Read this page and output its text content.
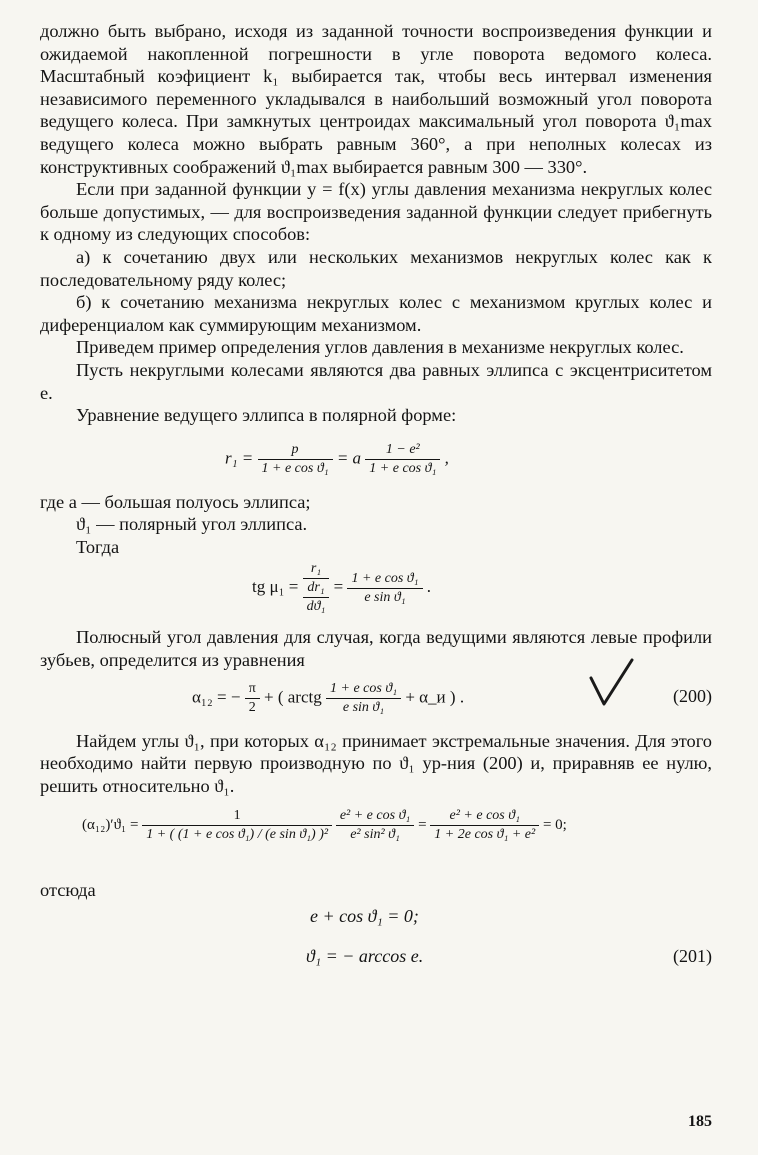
должно быть выбрано, исходя из заданной точности воспроизведения функции и ожидаемой накопленной погрешности в угле поворота ведомого колеса. Масштабный коэфициент k₁ выбирается так, чтобы весь интервал изменения независимого переменного укладывался в наибольший возможный угол поворота ведущего колеса. При замкнутых центроидах максимальный угол поворота ϑ₁max ведущего колеса можно выбрать равным 360°, а при неполных колесах из конструктивных соображений ϑ₁max выбирается равным 300 — 330°.

Если при заданной функции y = f(x) углы давления механизма некруглых колес больше допустимых, — для воспроизведения заданной функции следует прибегнуть к одному из следующих способов:

а) к сочетанию двух или нескольких механизмов некруглых колес как к последовательному ряду колес;

б) к сочетанию механизма некруглых колес с механизмом круглых колес и диференциалом как суммирующим механизмом.

Приведем пример определения углов давления в механизме некруглых колес.

Пусть некруглыми колесами являются два равных эллипса с эксцентриситетом e.

Уравнение ведущего эллипса в полярной форме:

$r_1 = \frac{p}{\text{1 + e cos ϑ₁}} = a \frac{\text{1 − e²}}{\text{1 + e cos ϑ₁}}$ ,

где a — большая полуось эллипса;

ϑ₁ — полярный угол эллипса.

Тогда

tg μ₁ =
r₁
dr₁
dϑ₁
= $\frac{\text{1 + e cos ϑ₁}}{\text{e sin ϑ₁}}$ .

Полюсный угол давления для случая, когда ведущими являются левые профили зубьев, определится из уравнения

α₁₂ = − $\frac{\pi}{2}$ + ( arctg $\frac{\text{1 + e cos ϑ₁}}{\text{e sin ϑ₁}}$ + α_и ) .	(200)

Найдем углы ϑ₁, при которых α₁₂ принимает экстремальные значения. Для этого необходимо найти первую производную по ϑ₁ ур-ния (200) и, приравняв ее нулю, решить относительно ϑ₁.

$(\alpha_{12})'ϑ_1 = \frac{1}{\text{1 + ( (1 + e cos ϑ₁) / (e sin ϑ₁) )²}}$
$\frac{\text{e² + e cos ϑ₁}}{\text{e² sin² ϑ₁}} = \frac{\text{e² + e cos ϑ₁}}{\text{1 + 2e cos ϑ₁ + e²}} = 0$;

отсюда

e + cos ϑ₁ = 0;
ϑ₁ = − arccos e.	(201)
185
